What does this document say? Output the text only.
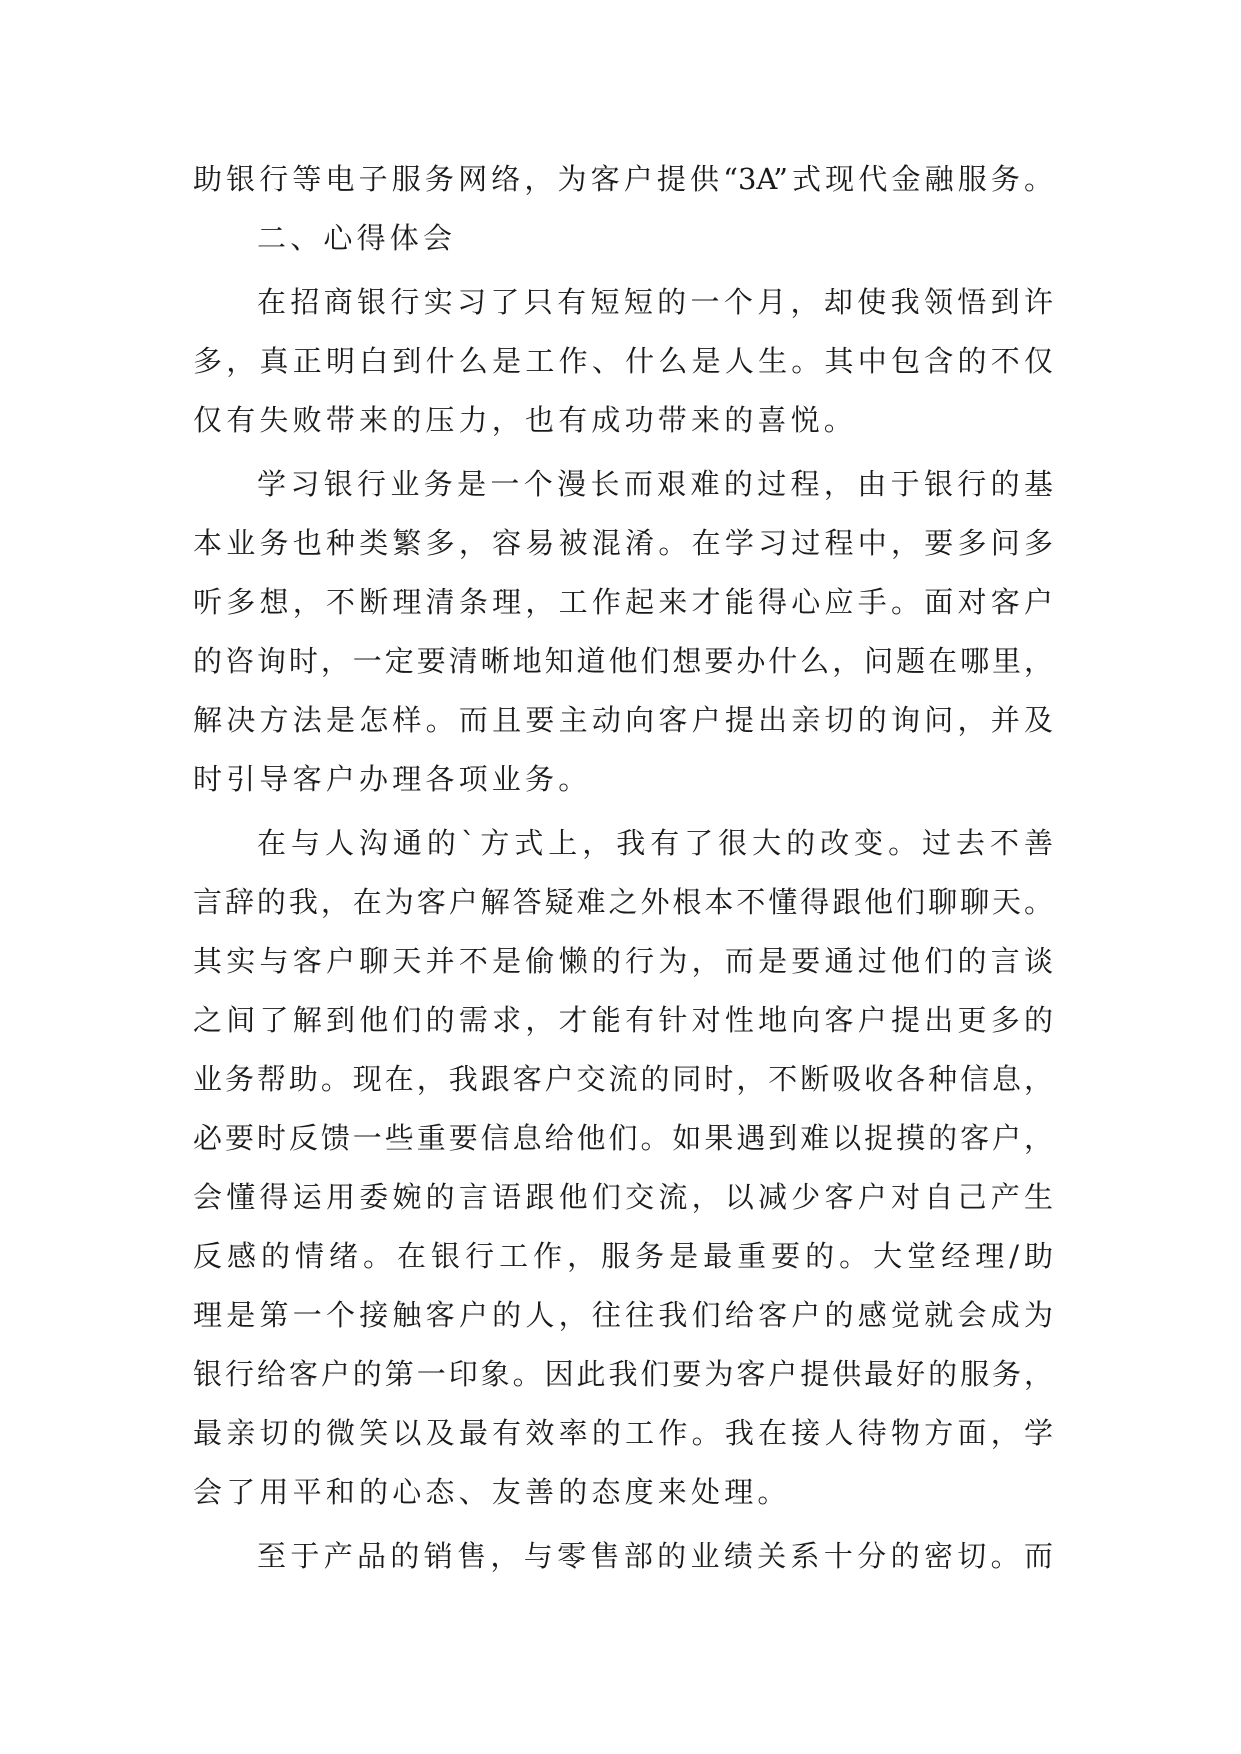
助银行等电子服务网络，为客户提供“3A”式现代金融服务。
二、心得体会
在招商银行实习了只有短短的一个月，却使我领悟到许
多，真正明白到什么是工作、什么是人生。其中包含的不仅
仅有失败带来的压力，也有成功带来的喜悦。
学习银行业务是一个漫长而艰难的过程，由于银行的基
本业务也种类繁多，容易被混淆。在学习过程中，要多问多
听多想，不断理清条理，工作起来才能得心应手。面对客户
的咨询时，一定要清晰地知道他们想要办什么，问题在哪里，
解决方法是怎样。而且要主动向客户提出亲切的询问，并及
时引导客户办理各项业务。
在与人沟通的`方式上，我有了很大的改变。过去不善
言辞的我，在为客户解答疑难之外根本不懂得跟他们聊聊天。
其实与客户聊天并不是偷懒的行为，而是要通过他们的言谈
之间了解到他们的需求，才能有针对性地向客户提出更多的
业务帮助。现在，我跟客户交流的同时，不断吸收各种信息，
必要时反馈一些重要信息给他们。如果遇到难以捉摸的客户，
会懂得运用委婉的言语跟他们交流，以减少客户对自己产生
反感的情绪。在银行工作，服务是最重要的。大堂经理/助
理是第一个接触客户的人，往往我们给客户的感觉就会成为
银行给客户的第一印象。因此我们要为客户提供最好的服务，
最亲切的微笑以及最有效率的工作。我在接人待物方面，学
会了用平和的心态、友善的态度来处理。
至于产品的销售，与零售部的业绩关系十分的密切。而
